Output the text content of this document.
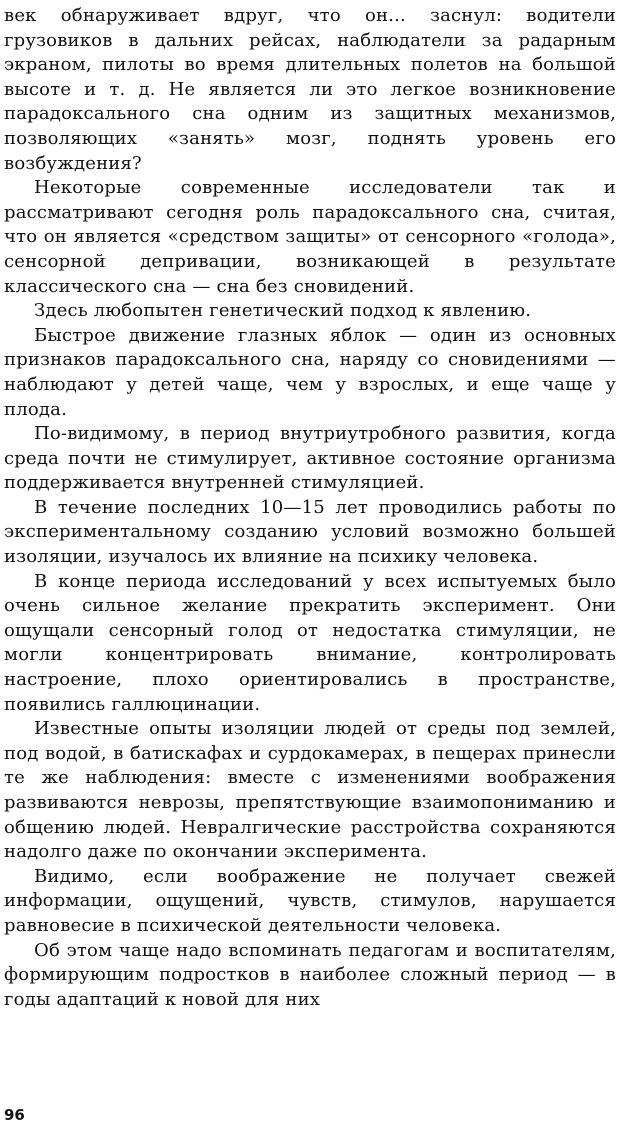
век обнаруживает вдруг, что он... заснул: водители грузовиков в дальних рейсах, наблюдатели за радарным экраном, пилоты во время длительных полетов на большой высоте и т. д. Не является ли это легкое возникновение парадоксального сна одним из защитных механизмов, позволяющих «занять» мозг, поднять уровень его возбуждения?

Некоторые современные исследователи так и рассматривают сегодня роль парадоксального сна, считая, что он является «средством защиты» от сенсорного «голода», сенсорной депривации, возникающей в результате классического сна — сна без сновидений.

Здесь любопытен генетический подход к явлению.

Быстрое движение глазных яблок — один из основных признаков парадоксального сна, наряду со сновидениями — наблюдают у детей чаще, чем у взрослых, и еще чаще у плода.

По-видимому, в период внутриутробного развития, когда среда почти не стимулирует, активное состояние организма поддерживается внутренней стимуляцией.

В течение последних 10—15 лет проводились работы по экспериментальному созданию условий возможно большей изоляции, изучалось их влияние на психику человека.

В конце периода исследований у всех испытуемых было очень сильное желание прекратить эксперимент. Они ощущали сенсорный голод от недостатка стимуляции, не могли концентрировать внимание, контролировать настроение, плохо ориентировались в пространстве, появились галлюцинации.

Известные опыты изоляции людей от среды под землей, под водой, в батискафах и сурдокамерах, в пещерах принесли те же наблюдения: вместе с изменениями воображения развиваются неврозы, препятствующие взаимопониманию и общению людей. Невралгические расстройства сохраняются надолго даже по окончании эксперимента.

Видимо, если воображение не получает свежей информации, ощущений, чувств, стимулов, нарушается равновесие в психической деятельности человека.

Об этом чаще надо вспоминать педагогам и воспитателям, формирующим подростков в наиболее сложный период — в годы адаптаций к новой для них

96
